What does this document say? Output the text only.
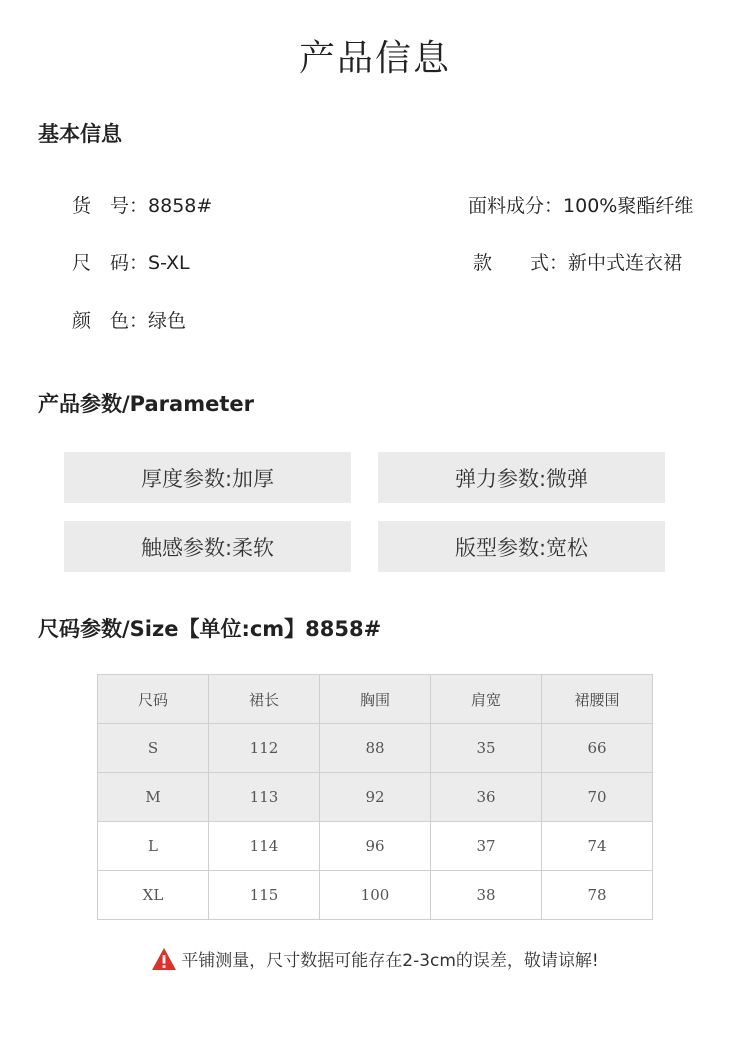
产品信息
基本信息
货　号：8858#	面料成分：100%聚酯纤维
尺　码：S-XL	款　　式：新中式连衣裙
颜　色：绿色
产品参数/Parameter
厚度参数:加厚	弹力参数:微弹
触感参数:柔软	版型参数:宽松
尺码参数/Size【单位:cm】8858#
尺码	裙长	胸围	肩宽	裙腰围
S	112	88	35	66
M	113	92	36	70
L	114	96	37	74
XL	115	100	38	78
平铺测量，尺寸数据可能存在2-3cm的误差，敬请谅解!
